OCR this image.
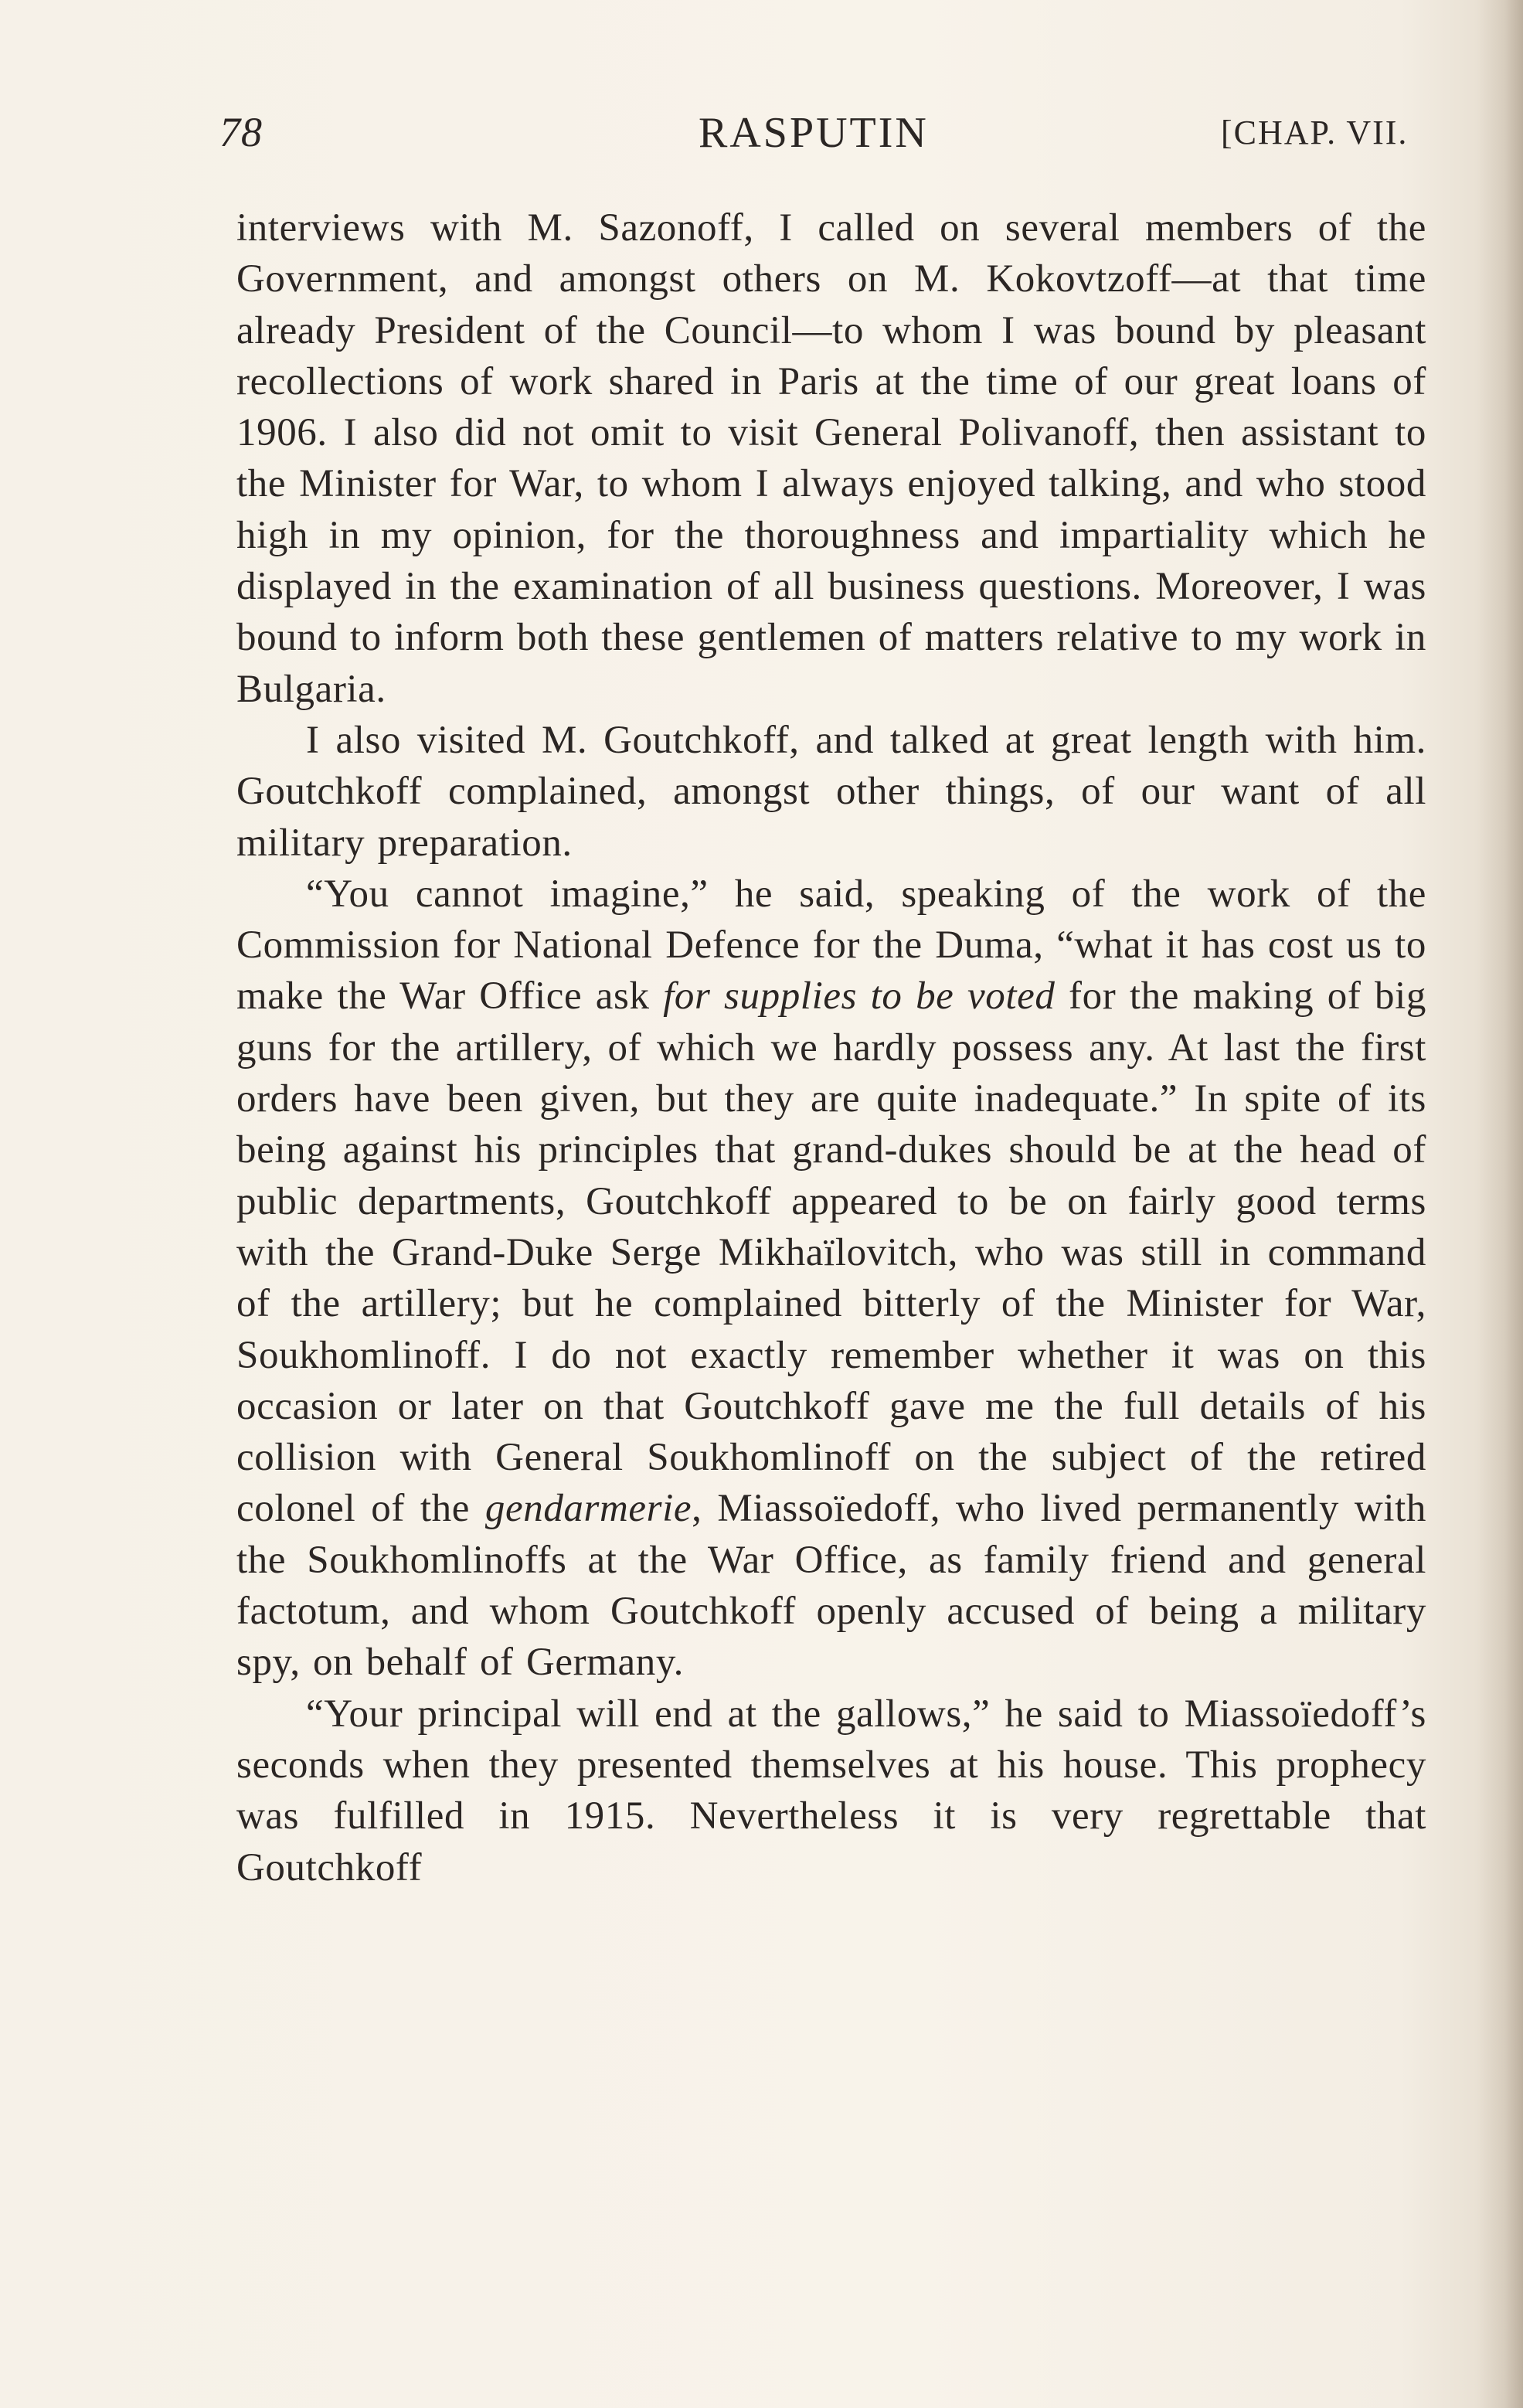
78	RASPUTIN	[CHAP. VII.

interviews with M. Sazonoff, I called on several members of the Government, and amongst others on M. Kokovtzoff—at that time already President of the Council—to whom I was bound by pleasant recollections of work shared in Paris at the time of our great loans of 1906. I also did not omit to visit General Polivanoff, then assistant to the Minister for War, to whom I always enjoyed talking, and who stood high in my opinion, for the thoroughness and impartiality which he displayed in the examination of all business questions. Moreover, I was bound to inform both these gentlemen of matters relative to my work in Bulgaria.

I also visited M. Goutchkoff, and talked at great length with him. Goutchkoff complained, amongst other things, of our want of all military preparation.

“You cannot imagine,” he said, speaking of the work of the Commission for National Defence for the Duma, “what it has cost us to make the War Office ask for supplies to be voted for the making of big guns for the artillery, of which we hardly possess any. At last the first orders have been given, but they are quite inadequate.” In spite of its being against his principles that grand-dukes should be at the head of public departments, Goutchkoff appeared to be on fairly good terms with the Grand-Duke Serge Mikhaïlovitch, who was still in command of the artillery; but he complained bitterly of the Minister for War, Soukhomlinoff. I do not exactly remember whether it was on this occasion or later on that Goutchkoff gave me the full details of his collision with General Soukhomlinoff on the subject of the retired colonel of the gendarmerie, Miassoïedoff, who lived permanently with the Soukhomlinoffs at the War Office, as family friend and general factotum, and whom Goutchkoff openly accused of being a military spy, on behalf of Germany.

“Your principal will end at the gallows,” he said to Miassoïedoff’s seconds when they presented themselves at his house. This prophecy was fulfilled in 1915. Nevertheless it is very regrettable that Goutchkoff
